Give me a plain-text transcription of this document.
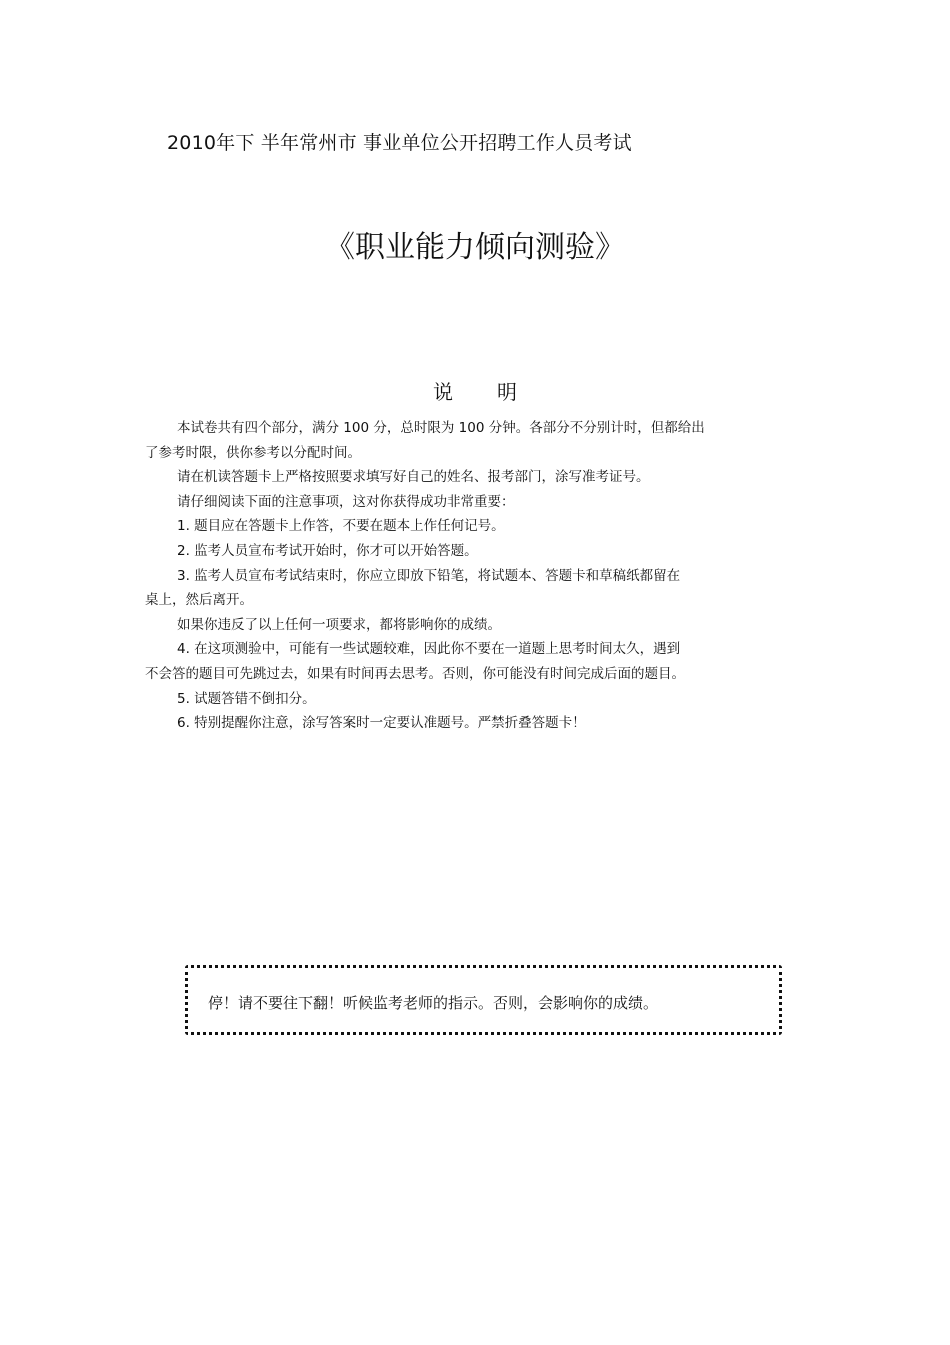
2010年下 半年常州市 事业单位公开招聘工作人员考试
《职业能力倾向测验》
说明

本试卷共有四个部分，满分 100 分，总时限为 100 分钟。各部分不分别计时，但都给出

了参考时限，供你参考以分配时间。

请在机读答题卡上严格按照要求填写好自己的姓名、报考部门，涂写准考证号。

请仔细阅读下面的注意事项，这对你获得成功非常重要：

1. 题目应在答题卡上作答，不要在题本上作任何记号。

2. 监考人员宣布考试开始时，你才可以开始答题。

3. 监考人员宣布考试结束时，你应立即放下铅笔，将试题本、答题卡和草稿纸都留在

桌上，然后离开。

如果你违反了以上任何一项要求，都将影响你的成绩。

4. 在这项测验中，可能有一些试题较难，因此你不要在一道题上思考时间太久，遇到

不会答的题目可先跳过去，如果有时间再去思考。否则，你可能没有时间完成后面的题目。

5. 试题答错不倒扣分。

6. 特别提醒你注意，涂写答案时一定要认准题号。严禁折叠答题卡！

停！请不要往下翻！听候监考老师的指示。否则，会影响你的成绩。
